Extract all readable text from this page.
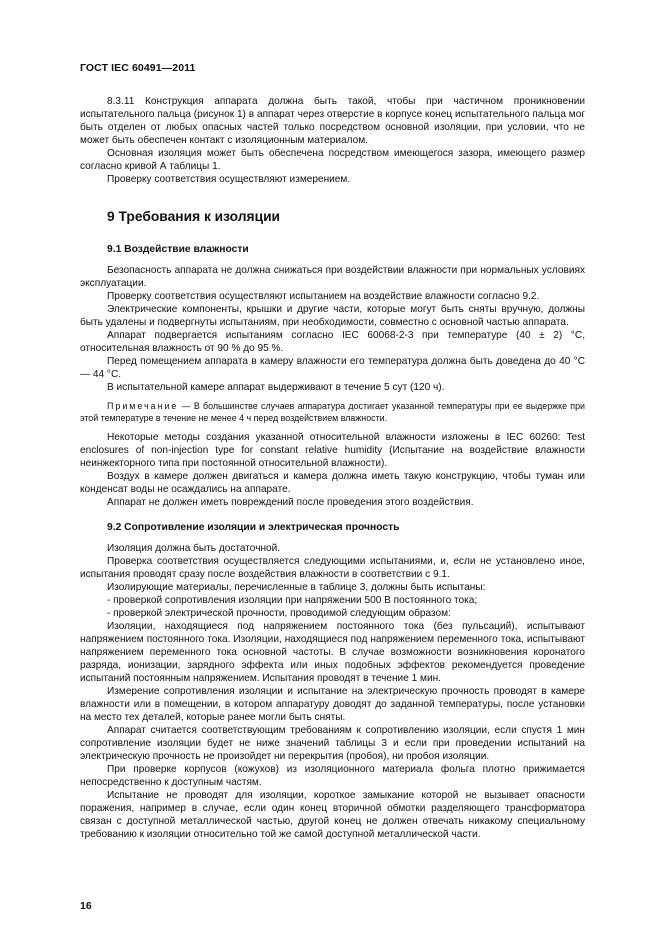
ГОСТ IEC 60491—2011

8.3.11 Конструкция аппарата должна быть такой, чтобы при частичном проникновении испытательного пальца (рисунок 1) в аппарат через отверстие в корпусе конец испытательного пальца мог быть отделен от любых опасных частей только посредством основной изоляции, при условии, что не может быть обеспечен контакт с изоляционным материалом.

Основная изоляция может быть обеспечена посредством имеющегося зазора, имеющего размер согласно кривой А таблицы 1.

Проверку соответствия осуществляют измерением.

9 Требования к изоляции
9.1 Воздействие влажности

Безопасность аппарата не должна снижаться при воздействии влажности при нормальных условиях эксплуатации.

Проверку соответствия осуществляют испытанием на воздействие влажности согласно 9.2.

Электрические компоненты, крышки и другие части, которые могут быть сняты вручную, должны быть удалены и подвергнуты испытаниям, при необходимости, совместно с основной частью аппарата.

Аппарат подвергается испытаниям согласно IEC 60068-2-3 при температуре (40 ± 2) °С, относительная влажность от 90 % до 95 %.

Перед помещением аппарата в камеру влажности его температура должна быть доведена до 40 °С — 44 °С.

В испытательной камере аппарат выдерживают в течение 5 сут (120 ч).

Примечание — В большинстве случаев аппаратура достигает указанной температуры при ее выдержке при этой температуре в течение не менее 4 ч перед воздействием влажности.

Некоторые методы создания указанной относительной влажности изложены в IEC 60260: Test enclosures of non-injection type for constant relative humidity (Испытание на воздействие влажности неинжекторного типа при постоянной относительной влажности).

Воздух в камере должен двигаться и камера должна иметь такую конструкцию, чтобы туман или конденсат воды не осаждались на аппарате.

Аппарат не должен иметь повреждений после проведения этого воздействия.

9.2 Сопротивление изоляции и электрическая прочность

Изоляция должна быть достаточной.

Проверка соответствия осуществляется следующими испытаниями, и, если не установлено иное, испытания проводят сразу после воздействия влажности в соответствии с 9.1.

Изолирующие материалы, перечисленные в таблице 3, должны быть испытаны:

- проверкой сопротивления изоляции при напряжении 500 В постоянного тока;

- проверкой электрической прочности, проводимой следующим образом:

Изоляции, находящиеся под напряжением постоянного тока (без пульсаций), испытывают напряжением постоянного тока. Изоляции, находящиеся под напряжением переменного тока, испытывают напряжением переменного тока основной частоты. В случае возможности возникновения коронатого разряда, ионизации, зарядного эффекта или иных подобных эффектов рекомендуется проведение испытаний постоянным напряжением. Испытания проводят в течение 1 мин.

Измерение сопротивления изоляции и испытание на электрическую прочность проводят в камере влажности или в помещении, в котором аппаратуру доводят до заданной температуры, после установки на место тех деталей, которые ранее могли быть сняты.

Аппарат считается соответствующим требованиям к сопротивлению изоляции, если спустя 1 мин сопротивление изоляции будет не ниже значений таблицы 3 и если при проведении испытаний на электрическую прочность не произойдет ни перекрытия (пробоя), ни пробоя изоляции.

При проверке корпусов (кожухов) из изоляционного материала фольга плотно прижимается непосредственно к доступным частям.

Испытание не проводят для изоляции, короткое замыкание которой не вызывает опасности поражения, например в случае, если один конец вторичной обмотки разделяющего трансформатора связан с доступной металлической частью, другой конец не должен отвечать никакому специальному требованию к изоляции относительно той же самой доступной металлической части.

16
